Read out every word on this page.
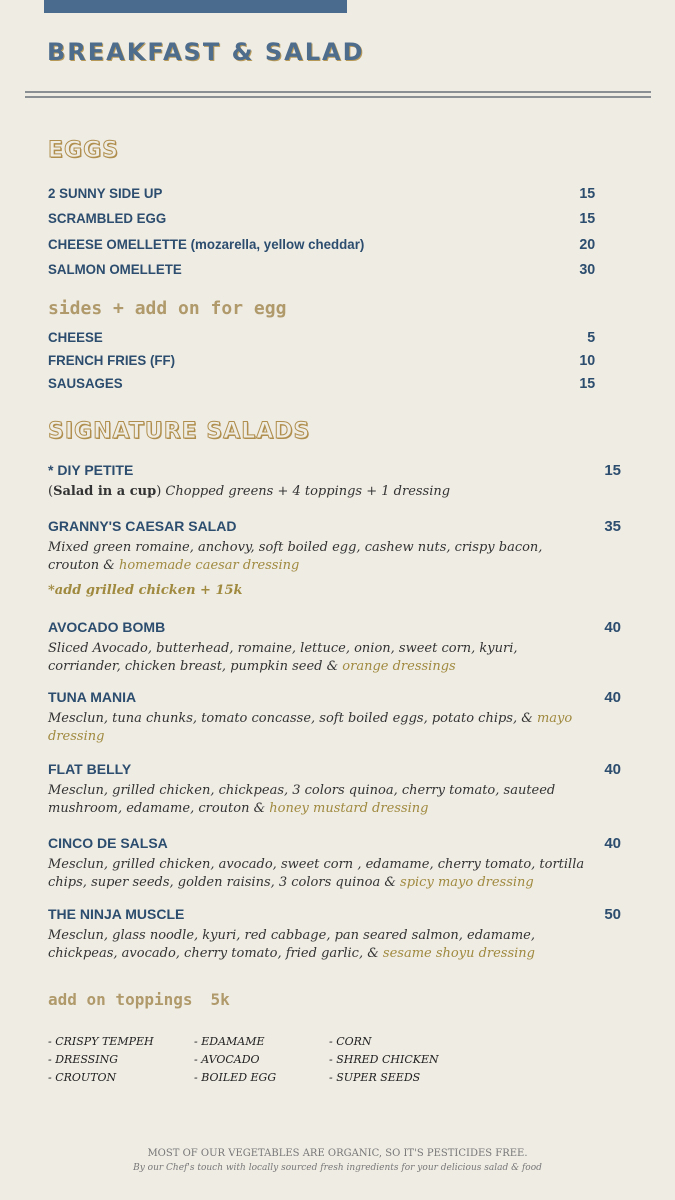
BREAKFAST & SALAD
EGGS
2 SUNNY SIDE UP	15
SCRAMBLED EGG	15
CHEESE OMELLETTE (mozarella, yellow cheddar)	20
SALMON OMELLETE	30
sides + add on for egg
CHEESE	5
FRENCH FRIES (FF)	10
SAUSAGES	15
SIGNATURE SALADS
* DIY PETITE	15
(Salad in a cup) Chopped greens + 4 toppings + 1 dressing
GRANNY'S CAESAR SALAD	35
Mixed green romaine, anchovy, soft boiled egg, cashew nuts, crispy bacon, crouton & homemade caesar dressing
*add grilled chicken + 15k
AVOCADO BOMB	40
Sliced Avocado, butterhead, romaine, lettuce, onion, sweet corn, kyuri, corriander, chicken breast, pumpkin seed & orange dressings
TUNA MANIA	40
Mesclun, tuna chunks, tomato concasse, soft boiled eggs, potato chips, & mayo dressing
FLAT BELLY	40
Mesclun, grilled chicken, chickpeas, 3 colors quinoa, cherry tomato, sauteed mushroom, edamame, crouton & honey mustard dressing
CINCO DE SALSA	40
Mesclun, grilled chicken, avocado, sweet corn , edamame, cherry tomato, tortilla chips, super seeds, golden raisins, 3 colors quinoa & spicy mayo dressing
THE NINJA MUSCLE	50
Mesclun, glass noodle, kyuri, red cabbage, pan seared salmon, edamame, chickpeas, avocado, cherry tomato, fried garlic, & sesame shoyu dressing
add on toppings 5k
- CRISPY TEMPEH
- DRESSING
- CROUTON
- EDAMAME
- AVOCADO
- BOILED EGG
- CORN
- SHRED CHICKEN
- SUPER SEEDS
MOST OF OUR VEGETABLES ARE ORGANIC, SO IT'S PESTICIDES FREE.
By our Chef's touch with locally sourced fresh ingredients for your delicious salad & food
